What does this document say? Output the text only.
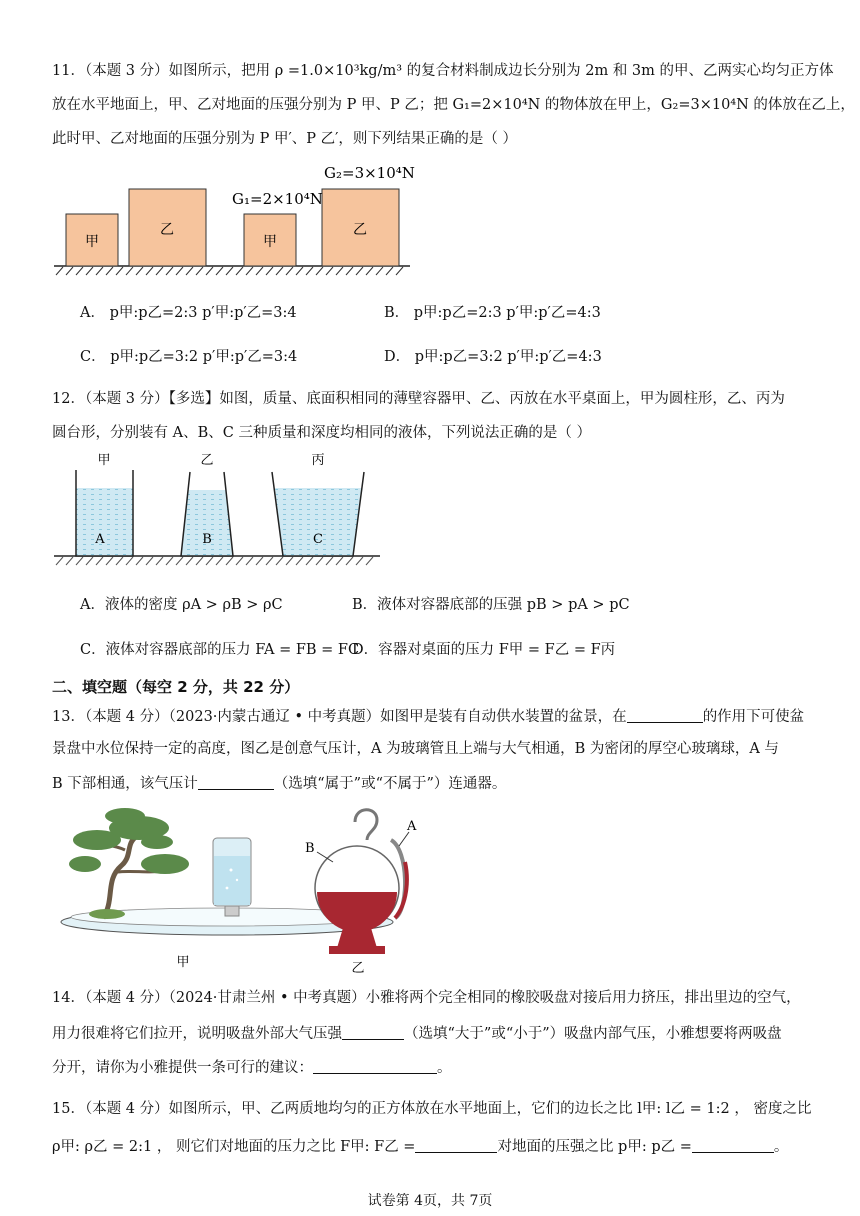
11．（本题 3 分）如图所示，把用 ρ =1.0×10³kg/m³ 的复合材料制成边长分别为 2m 和 3m 的甲、乙两实心均匀正方体
放在水平地面上，甲、乙对地面的压强分别为 P 甲、P 乙；把 G₁=2×10⁴N 的物体放在甲上，G₂=3×10⁴N 的体放在乙上，
此时甲、乙对地面的压强分别为 P 甲′、P 乙′，则下列结果正确的是（ ）
甲
乙
甲
乙
G₁=2×10⁴N
G₂=3×10⁴N
A． p甲:p乙=2:3 p′甲:p′乙=3:4	B． p甲:p乙=2:3 p′甲:p′乙=4:3
C． p甲:p乙=3:2 p′甲:p′乙=3:4	D． p甲:p乙=3:2 p′甲:p′乙=4:3
12．（本题 3 分）【多选】如图，质量、底面积相同的薄壁容器甲、乙、丙放在水平桌面上，甲为圆柱形，乙、丙为
圆台形，分别装有 A、B、C 三种质量和深度均相同的液体，下列说法正确的是（ ）
甲
A
乙
B
丙
C
A．液体的密度 ρA > ρB > ρC	B．液体对容器底部的压强 pB > pA > pC
C．液体对容器底部的压力 FA = FB = FC
D．容器对桌面的压力 F甲 = F乙 = F丙
二、填空题（每空 2 分，共 22 分）
13．（本题 4 分）（2023·内蒙古通辽 • 中考真题）如图甲是装有自动供水装置的盆景，在	的作用下可使盆
景盘中水位保持一定的高度，图乙是创意气压计，A 为玻璃管且上端与大气相通，B 为密闭的厚空心玻璃球，A 与
B 下部相通，该气压计	（选填“属于”或“不属于”）连通器。
甲
B
A
乙
14．（本题 4 分）（2024·甘肃兰州 • 中考真题）小雅将两个完全相同的橡胶吸盘对接后用力挤压，排出里边的空气，
用力很难将它们拉开，说明吸盘外部大气压强	（选填“大于”或“小于”）吸盘内部气压，小雅想要将两吸盘
分开，请你为小雅提供一条可行的建议：	。
15．（本题 4 分）如图所示，甲、乙两质地均匀的正方体放在水平地面上，它们的边长之比 l甲: l乙 = 1:2 ， 密度之比
ρ甲: ρ乙 = 2:1 ， 则它们对地面的压力之比 F甲: F乙 =	对地面的压强之比 p甲: p乙 =	。
试卷第 4页，共 7页
